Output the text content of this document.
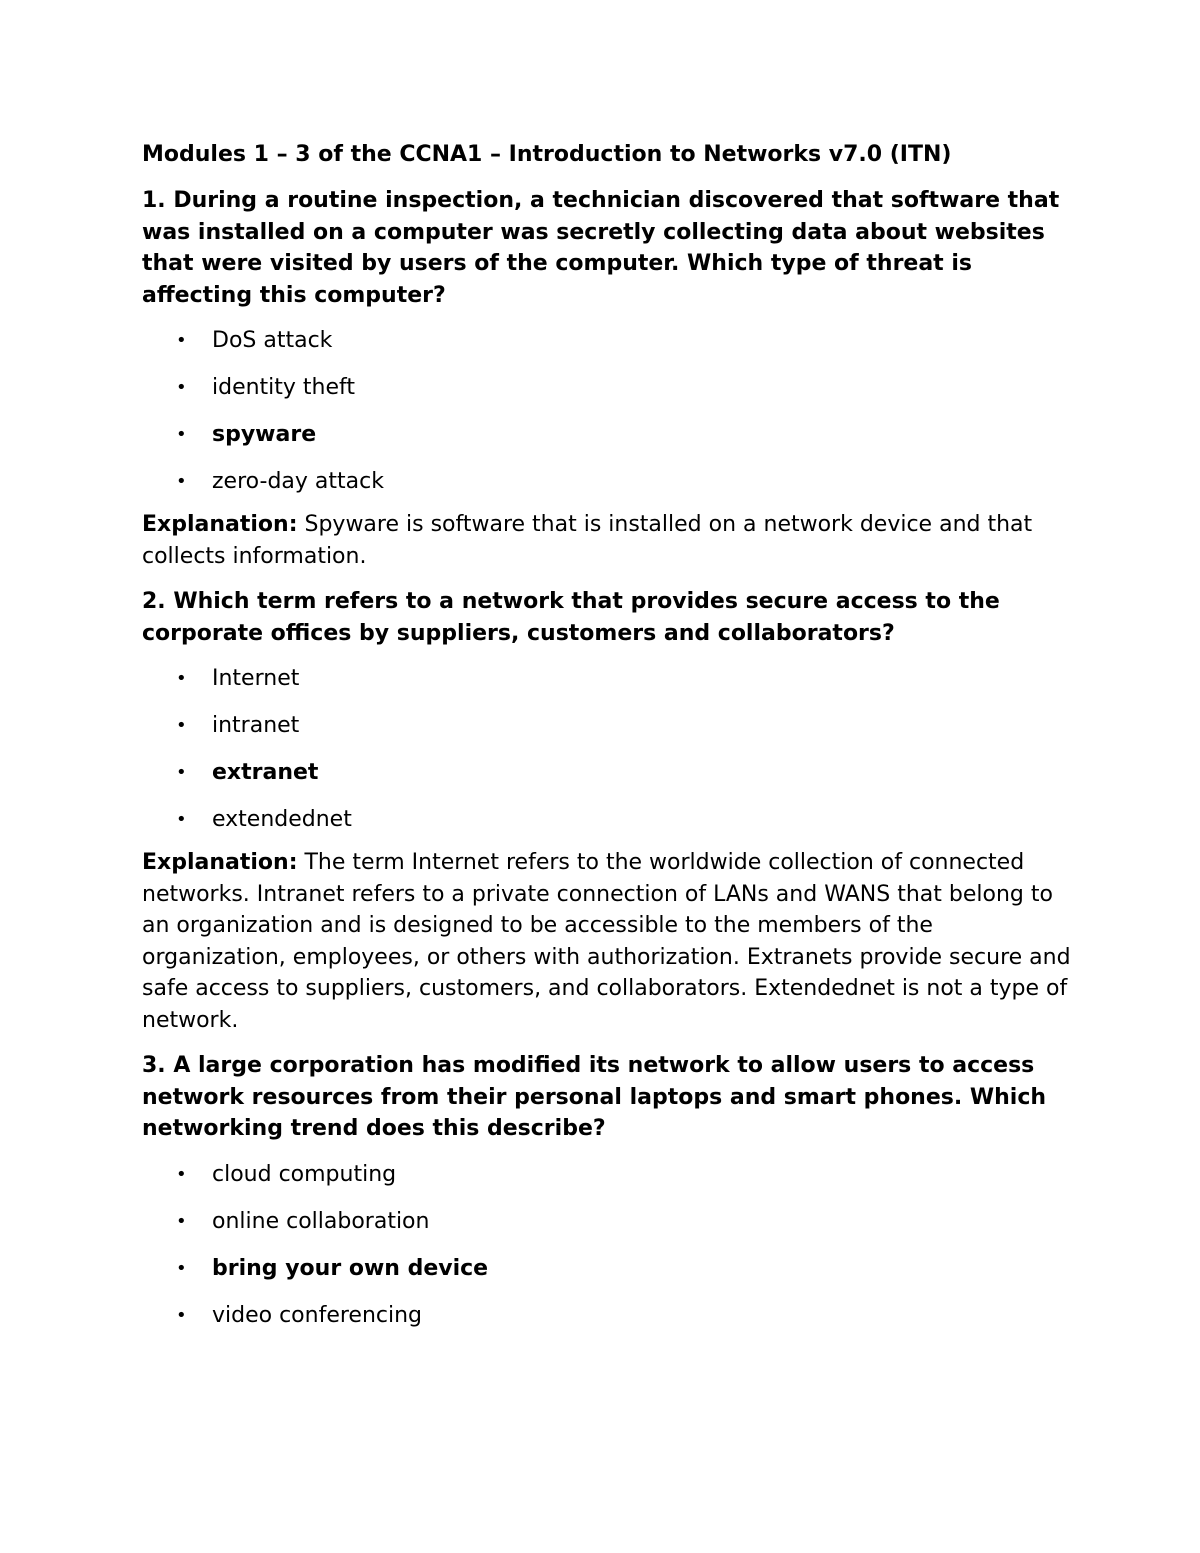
Modules 1 – 3 of the CCNA1 – Introduction to Networks v7.0 (ITN)

1. During a routine inspection, a technician discovered that software that was installed on a computer was secretly collecting data about websites that were visited by users of the computer. Which type of threat is affecting this computer?

• DoS attack
• identity theft
• spyware
• zero-day attack

Explanation: Spyware is software that is installed on a network device and that collects information.

2. Which term refers to a network that provides secure access to the corporate offices by suppliers, customers and collaborators?

• Internet
• intranet
• extranet
• extendednet

Explanation: The term Internet refers to the worldwide collection of connected networks. Intranet refers to a private connection of LANs and WANS that belong to an organization and is designed to be accessible to the members of the organization, employees, or others with authorization. Extranets provide secure and safe access to suppliers, customers, and collaborators. Extendednet is not a type of network.

3. A large corporation has modified its network to allow users to access network resources from their personal laptops and smart phones. Which networking trend does this describe?

• cloud computing
• online collaboration
• bring your own device
• video conferencing
